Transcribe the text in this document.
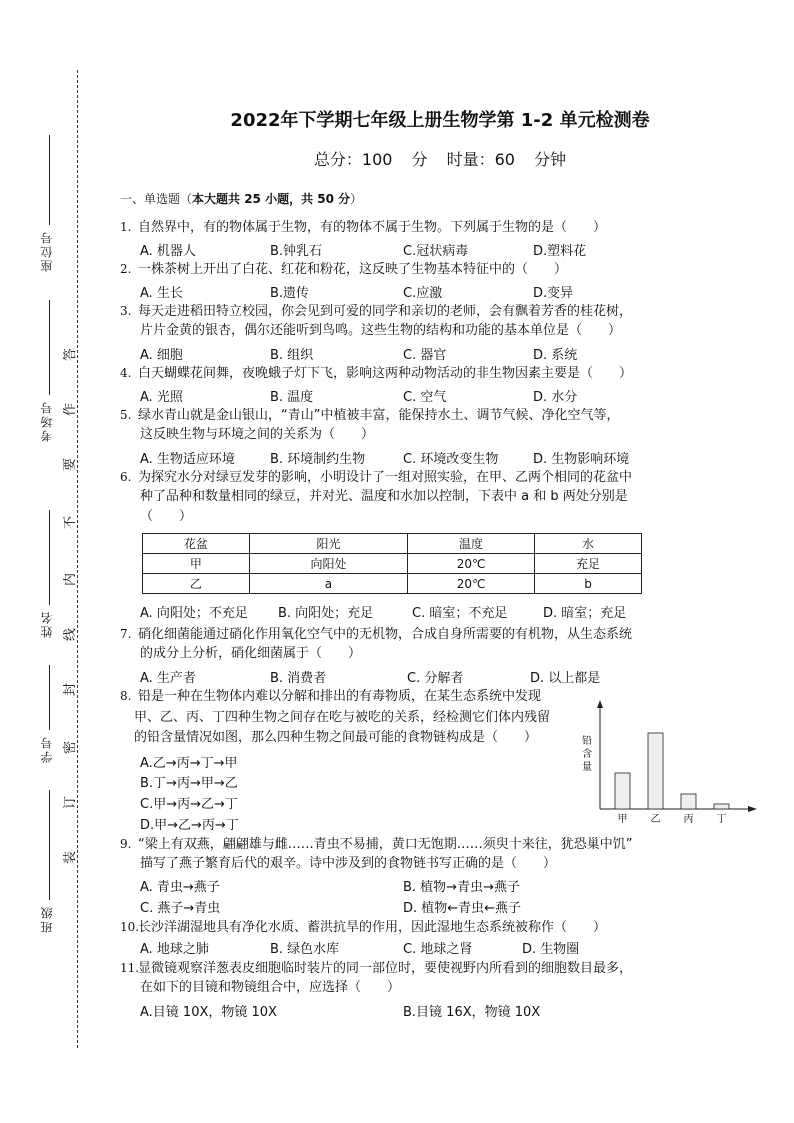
座位号
考场号
姓名
学号
班级
答
作
要
不
内
线
封
密
订
装
2022年下学期七年级上册生物学第 1-2 单元检测卷
总分：100 分 时量：60 分钟
一、单选题（本大题共 25 小题，共 50 分）
1. 自然界中，有的物体属于生物，有的物体不属于生物。下列属于生物的是（　　）
A. 机器人	B.钟乳石	C.冠状病毒	D.塑料花
2. 一株茶树上开出了白花、红花和粉花，这反映了生物基本特征中的（　　）
A. 生长	B.遗传	C.应激	D.变异
3. 每天走进稻田特立校园，你会见到可爱的同学和亲切的老师，会有飘着芳香的桂花树，
片片金黄的银杏，偶尔还能听到鸟鸣。这些生物的结构和功能的基本单位是（　　）
A. 细胞	B. 组织	C. 器官	D. 系统
4. 白天蝴蝶花间舞，夜晚蛾子灯下飞，影响这两种动物活动的非生物因素主要是（　　）
A. 光照	B. 温度	C. 空气	D. 水分
5. 绿水青山就是金山银山，“青山”中植被丰富，能保持水土、调节气候、净化空气等，
这反映生物与环境之间的关系为（　　）
A. 生物适应环境	B. 环境制约生物	C. 环境改变生物	D. 生物影响环境
6. 为探究水分对绿豆发芽的影响，小明设计了一组对照实验，在甲、乙两个相同的花盆中
种了品种和数量相同的绿豆，并对光、温度和水加以控制，下表中 a 和 b 两处分别是
（　　）
花盆	阳光	温度	水
甲	向阳处	20℃	充足
乙	a	20℃	b
A. 向阳处；不充足 B. 向阳处；充足	C. 暗室；不充足	D. 暗室；充足
7. 硝化细菌能通过硝化作用氧化空气中的无机物，合成自身所需要的有机物，从生态系统
的成分上分析，硝化细菌属于（　　）
A. 生产者	B. 消费者	C. 分解者	D. 以上都是
8. 铅是一种在生物体内难以分解和排出的有毒物质，在某生态系统中发现
甲、乙、丙、丁四种生物之间存在吃与被吃的关系，经检测它们体内残留
的铅含量情况如图，那么四种生物之间最可能的食物链构成是（　　）
A.乙→丙→丁→甲
B.丁→丙→甲→乙
C.甲→丙→乙→丁
D.甲→乙→丙→丁
铅含量
甲 乙 丙 丁
9. “梁上有双燕，翩翩雄与雌……青虫不易捕，黄口无饱期……须臾十来往，犹恐巢中饥”
描写了燕子繁育后代的艰辛。诗中涉及到的食物链书写正确的是（　　）
A. 青虫→燕子	B. 植物→青虫→燕子
C. 燕子→青虫	D. 植物←青虫←燕子
10.长沙洋湖湿地具有净化水质、蓄洪抗旱的作用，因此湿地生态系统被称作（　　）
A. 地球之肺	B. 绿色水库	C. 地球之肾	D. 生物圈
11.显微镜观察洋葱表皮细胞临时装片的同一部位时，要使视野内所看到的细胞数目最多，
在如下的目镜和物镜组合中，应选择（　　）
A.目镜 10X，物镜 10X	B.目镜 16X，物镜 10X
